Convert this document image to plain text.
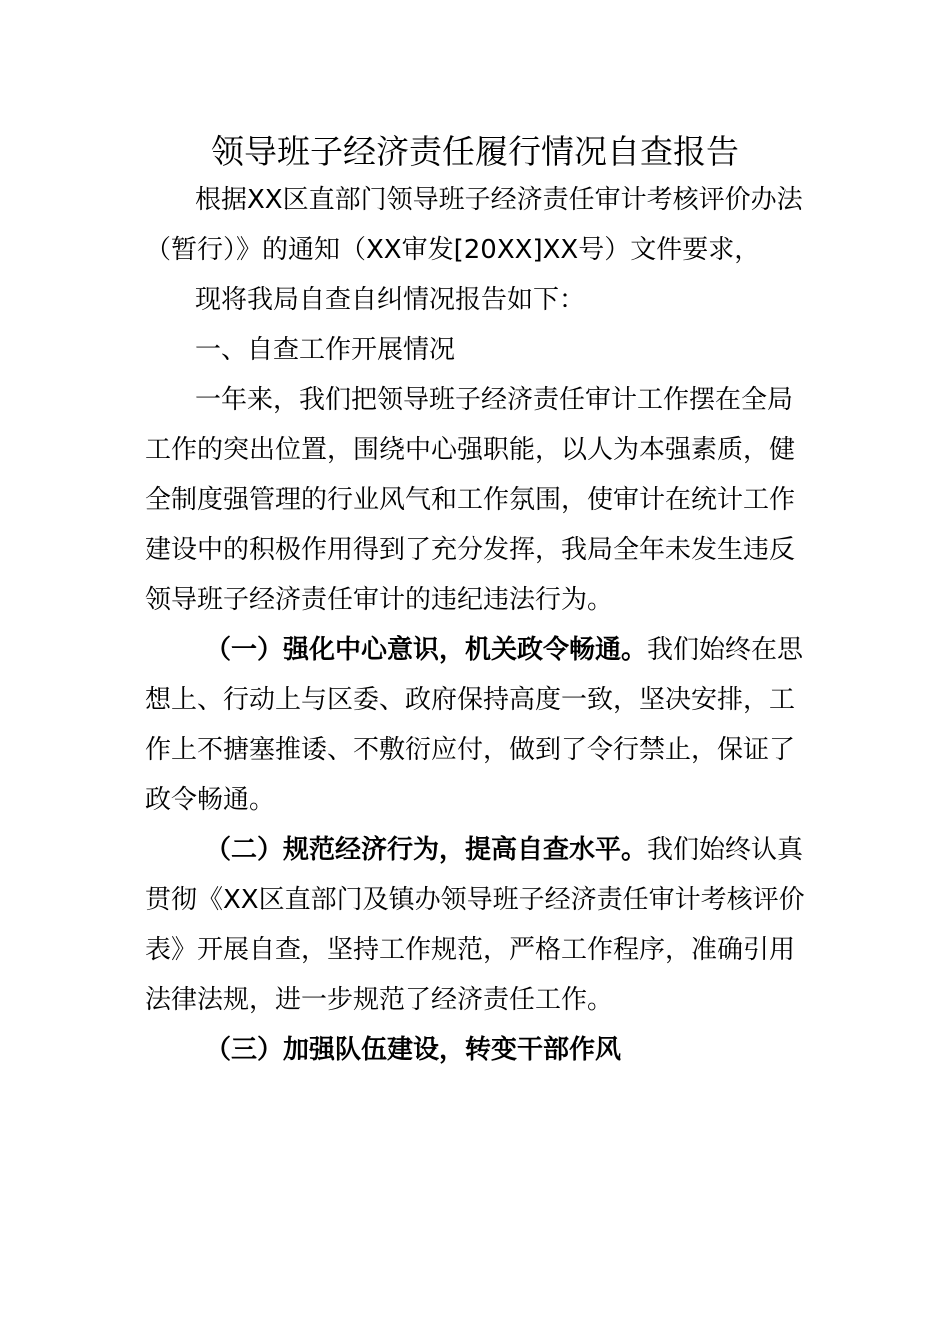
领导班子经济责任履行情况自查报告
根据XX区直部门领导班子经济责任审计考核评价办法
（暂行）》的通知（XX审发[20XX]XX号）文件要求，
现将我局自查自纠情况报告如下：
一、自查工作开展情况
一年来，我们把领导班子经济责任审计工作摆在全局
工作的突出位置，围绕中心强职能，以人为本强素质，健
全制度强管理的行业风气和工作氛围，使审计在统计工作
建设中的积极作用得到了充分发挥，我局全年未发生违反
领导班子经济责任审计的违纪违法行为。
（一）强化中心意识，机关政令畅通。我们始终在思
想上、行动上与区委、政府保持高度一致，坚决安排，工
作上不搪塞推诿、不敷衍应付，做到了令行禁止，保证了
政令畅通。
（二）规范经济行为，提高自查水平。我们始终认真
贯彻《XX区直部门及镇办领导班子经济责任审计考核评价
表》开展自查，坚持工作规范，严格工作程序，准确引用
法律法规，进一步规范了经济责任工作。
（三）加强队伍建设，转变干部作风
